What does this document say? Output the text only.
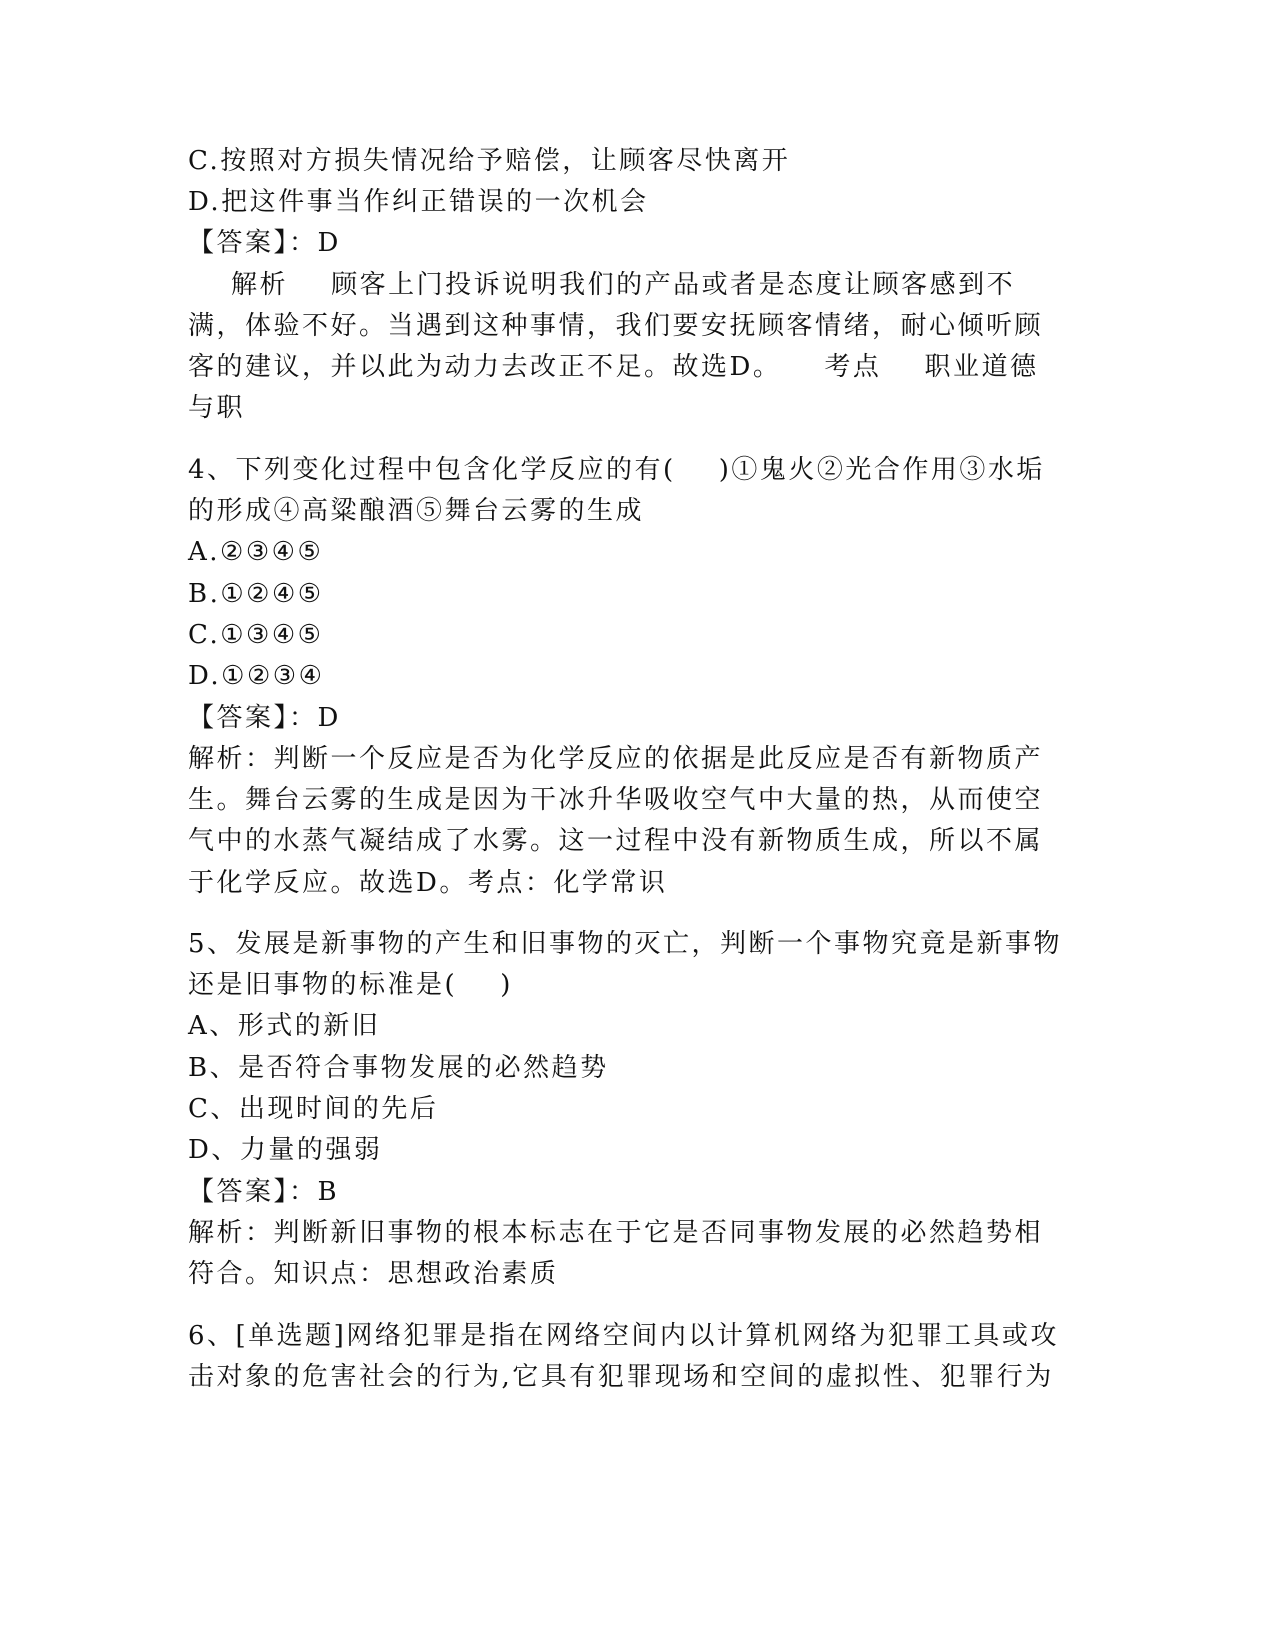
C.按照对方损失情况给予赔偿，让顾客尽快离开
D.把这件事当作纠正错误的一次机会
【答案】：D
解析    顾客上门投诉说明我们的产品或者是态度让顾客感到不
满，体验不好。当遇到这种事情，我们要安抚顾客情绪，耐心倾听顾
客的建议，并以此为动力去改正不足。故选D。    考点    职业道德
与职
4、下列变化过程中包含化学反应的有(    )①鬼火②光合作用③水垢
的形成④高粱酿酒⑤舞台云雾的生成
A.②③④⑤
B.①②④⑤
C.①③④⑤
D.①②③④
【答案】：D
解析：判断一个反应是否为化学反应的依据是此反应是否有新物质产
生。舞台云雾的生成是因为干冰升华吸收空气中大量的热，从而使空
气中的水蒸气凝结成了水雾。这一过程中没有新物质生成，所以不属
于化学反应。故选D。考点：化学常识
5、发展是新事物的产生和旧事物的灭亡，判断一个事物究竟是新事物
还是旧事物的标准是(    )
A、形式的新旧
B、是否符合事物发展的必然趋势
C、出现时间的先后
D、力量的强弱
【答案】：B
解析：判断新旧事物的根本标志在于它是否同事物发展的必然趋势相
符合。知识点：思想政治素质
6、[单选题]网络犯罪是指在网络空间内以计算机网络为犯罪工具或攻
击对象的危害社会的行为,它具有犯罪现场和空间的虚拟性、犯罪行为
